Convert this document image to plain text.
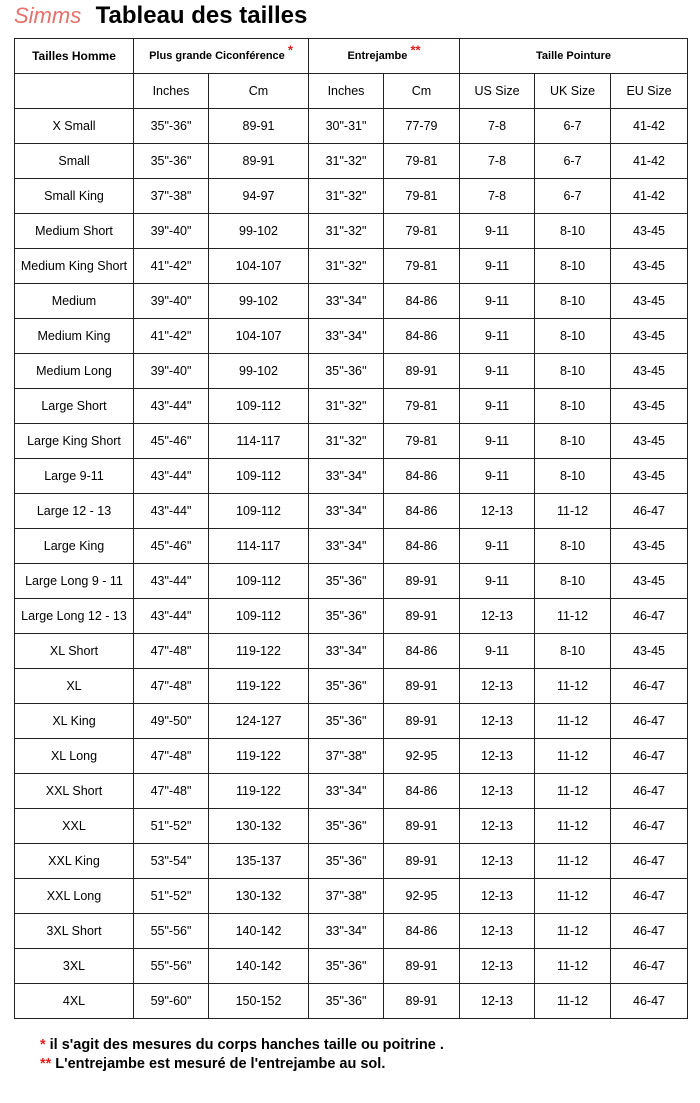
Simms Tableau des tailles
Tailles Homme	Plus grande Ciconférence *		Entrejambe **		Taille Pointure		
	Inches	Cm	Inches	Cm	US Size	UK Size	EU Size
X Small	35"-36"	89-91	30"-31"	77-79	7-8	6-7	41-42
Small	35"-36"	89-91	31"-32"	79-81	7-8	6-7	41-42
Small King	37"-38"	94-97	31"-32"	79-81	7-8	6-7	41-42
Medium Short	39"-40"	99-102	31"-32"	79-81	9-11	8-10	43-45
Medium King Short	41"-42"	104-107	31"-32"	79-81	9-11	8-10	43-45
Medium	39"-40"	99-102	33"-34"	84-86	9-11	8-10	43-45
Medium King	41"-42"	104-107	33''-34''	84-86	9-11	8-10	43-45
Medium Long	39"-40"	99-102	35''-36''	89-91	9-11	8-10	43-45
Large Short	43"-44"	109-112	31"-32"	79-81	9-11	8-10	43-45
Large King Short	45"-46"	114-117	31"-32"	79-81	9-11	8-10	43-45
Large 9-11	43"-44"	109-112	33"-34"	84-86	9-11	8-10	43-45
Large 12 - 13	43"-44"	109-112	33"-34"	84-86	12-13	11-12	46-47
Large King	45"-46"	114-117	33"-34"	84-86	9-11	8-10	43-45
Large Long 9 - 11	43"-44"	109-112	35"-36"	89-91	9-11	8-10	43-45
Large Long 12 - 13	43"-44"	109-112	35"-36"	89-91	12-13	11-12	46-47
XL Short	47"-48"	119-122	33"-34"	84-86	9-11	8-10	43-45
XL	47"-48"	119-122	35"-36"	89-91	12-13	11-12	46-47
XL King	49"-50"	124-127	35"-36"	89-91	12-13	11-12	46-47
XL Long	47"-48"	119-122	37"-38"	92-95	12-13	11-12	46-47
XXL Short	47"-48"	119-122	33"-34"	84-86	12-13	11-12	46-47
XXL	51"-52"	130-132	35"-36"	89-91	12-13	11-12	46-47
XXL King	53"-54"	135-137	35"-36"	89-91	12-13	11-12	46-47
XXL Long	51"-52"	130-132	37"-38"	92-95	12-13	11-12	46-47
3XL Short	55"-56"	140-142	33"-34"	84-86	12-13	11-12	46-47
3XL	55"-56"	140-142	35"-36"	89-91	12-13	11-12	46-47
4XL	59"-60"	150-152	35"-36"	89-91	12-13	11-12	46-47
* il s'agit des mesures du corps hanches taille ou poitrine .
** L'entrejambe est mesuré de l'entrejambe au sol.
